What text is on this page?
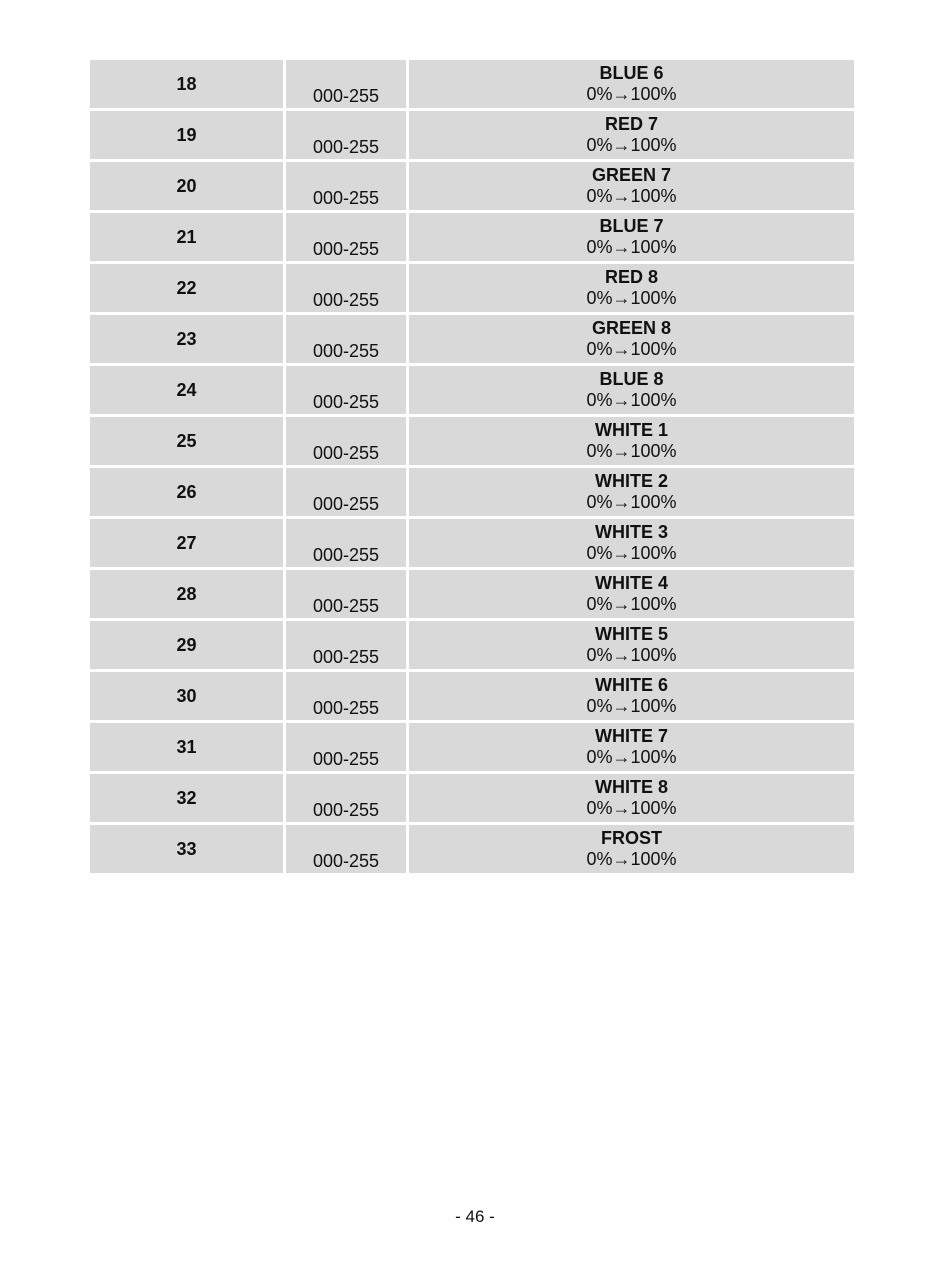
18	000-255	BLUE 6
0%→100%

19	000-255	RED 7
0%→100%

20	000-255	GREEN 7
0%→100%

21	000-255	BLUE 7
0%→100%

22	000-255	RED 8
0%→100%

23	000-255	GREEN 8
0%→100%

24	000-255	BLUE 8
0%→100%

25	000-255	WHITE 1
0%→100%

26	000-255	WHITE 2
0%→100%

27	000-255	WHITE 3
0%→100%

28	000-255	WHITE 4
0%→100%

29	000-255	WHITE 5
0%→100%

30	000-255	WHITE 6
0%→100%

31	000-255	WHITE 7
0%→100%

32	000-255	WHITE 8
0%→100%

33	000-255	FROST
0%→100%
- 46 -
